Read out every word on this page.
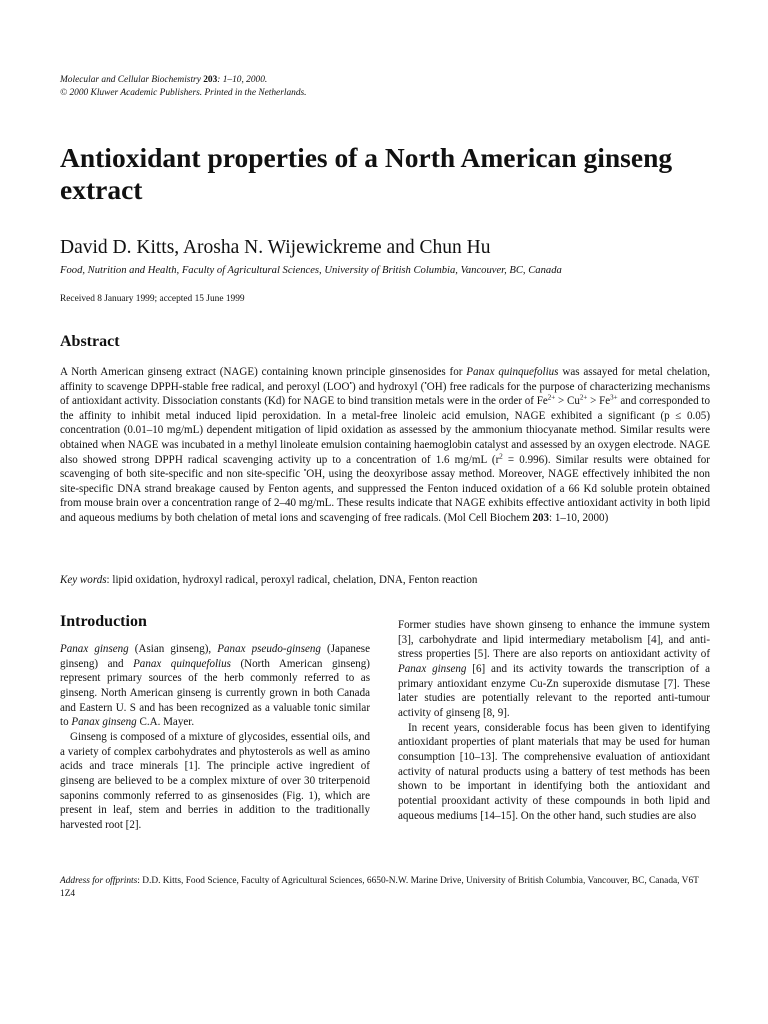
Molecular and Cellular Biochemistry 203: 1–10, 2000.
© 2000 Kluwer Academic Publishers. Printed in the Netherlands.
Antioxidant properties of a North American ginseng extract
David D. Kitts, Arosha N. Wijewickreme and Chun Hu
Food, Nutrition and Health, Faculty of Agricultural Sciences, University of British Columbia, Vancouver, BC, Canada
Received 8 January 1999; accepted 15 June 1999
Abstract

A North American ginseng extract (NAGE) containing known principle ginsenosides for Panax quinquefolius was assayed for metal chelation, affinity to scavenge DPPH-stable free radical, and peroxyl (LOO•) and hydroxyl (•OH) free radicals for the purpose of characterizing mechanisms of antioxidant activity. Dissociation constants (Kd) for NAGE to bind transition metals were in the order of $Fe^{2+} > Cu^{2+} > Fe^{3+}$ and corresponded to the affinity to inhibit metal induced lipid peroxidation. In a metal-free linoleic acid emulsion, NAGE exhibited a significant (p ≤ 0.05) concentration (0.01–10 mg/mL) dependent mitigation of lipid oxidation as assessed by the ammonium thiocyanate method. Similar results were obtained when NAGE was incubated in a methyl linoleate emulsion containing haemoglobin catalyst and assessed by an oxygen electrode. NAGE also showed strong DPPH radical scavenging activity up to a concentration of 1.6 mg/mL $(r^2 = 0.996)$. Similar results were obtained for scavenging of both site-specific and non site-specific •OH, using the deoxyribose assay method. Moreover, NAGE effectively inhibited the non site-specific DNA strand breakage caused by Fenton agents, and suppressed the Fenton induced oxidation of a 66 Kd soluble protein obtained from mouse brain over a concentration range of 2–40 mg/mL. These results indicate that NAGE exhibits effective antioxidant activity in both lipid and aqueous mediums by both chelation of metal ions and scavenging of free radicals. (Mol Cell Biochem 203: 1–10, 2000)

Key words: lipid oxidation, hydroxyl radical, peroxyl radical, chelation, DNA, Fenton reaction
Introduction

Panax ginseng (Asian ginseng), Panax pseudo-ginseng (Japanese ginseng) and Panax quinquefolius (North American ginseng) represent primary sources of the herb commonly referred to as ginseng. North American ginseng is currently grown in both Canada and Eastern U. S and has been recognized as a valuable tonic similar to Panax ginseng C.A. Mayer.

Ginseng is composed of a mixture of glycosides, essential oils, and a variety of complex carbohydrates and phytosterols as well as amino acids and trace minerals [1]. The principle active ingredient of ginseng are believed to be a complex mixture of over 30 triterpenoid saponins commonly referred to as ginsenosides (Fig. 1), which are present in leaf, stem and berries in addition to the traditionally harvested root [2].

Former studies have shown ginseng to enhance the immune system [3], carbohydrate and lipid intermediary metabolism [4], and anti-stress properties [5]. There are also reports on antioxidant activity of Panax ginseng [6] and its activity towards the transcription of a primary antioxidant enzyme Cu-Zn superoxide dismutase [7]. These later studies are potentially relevant to the reported anti-tumour activity of ginseng [8, 9].

In recent years, considerable focus has been given to identifying antioxidant properties of plant materials that may be used for human consumption [10–13]. The comprehensive evaluation of antioxidant activity of natural products using a battery of test methods has been shown to be important in identifying both the antioxidant and potential prooxidant activity of these compounds in both lipid and aqueous mediums [14–15]. On the other hand, such studies are also

Address for offprints: D.D. Kitts, Food Science, Faculty of Agricultural Sciences, 6650-N.W. Marine Drive, University of British Columbia, Vancouver, BC, Canada, V6T 1Z4
